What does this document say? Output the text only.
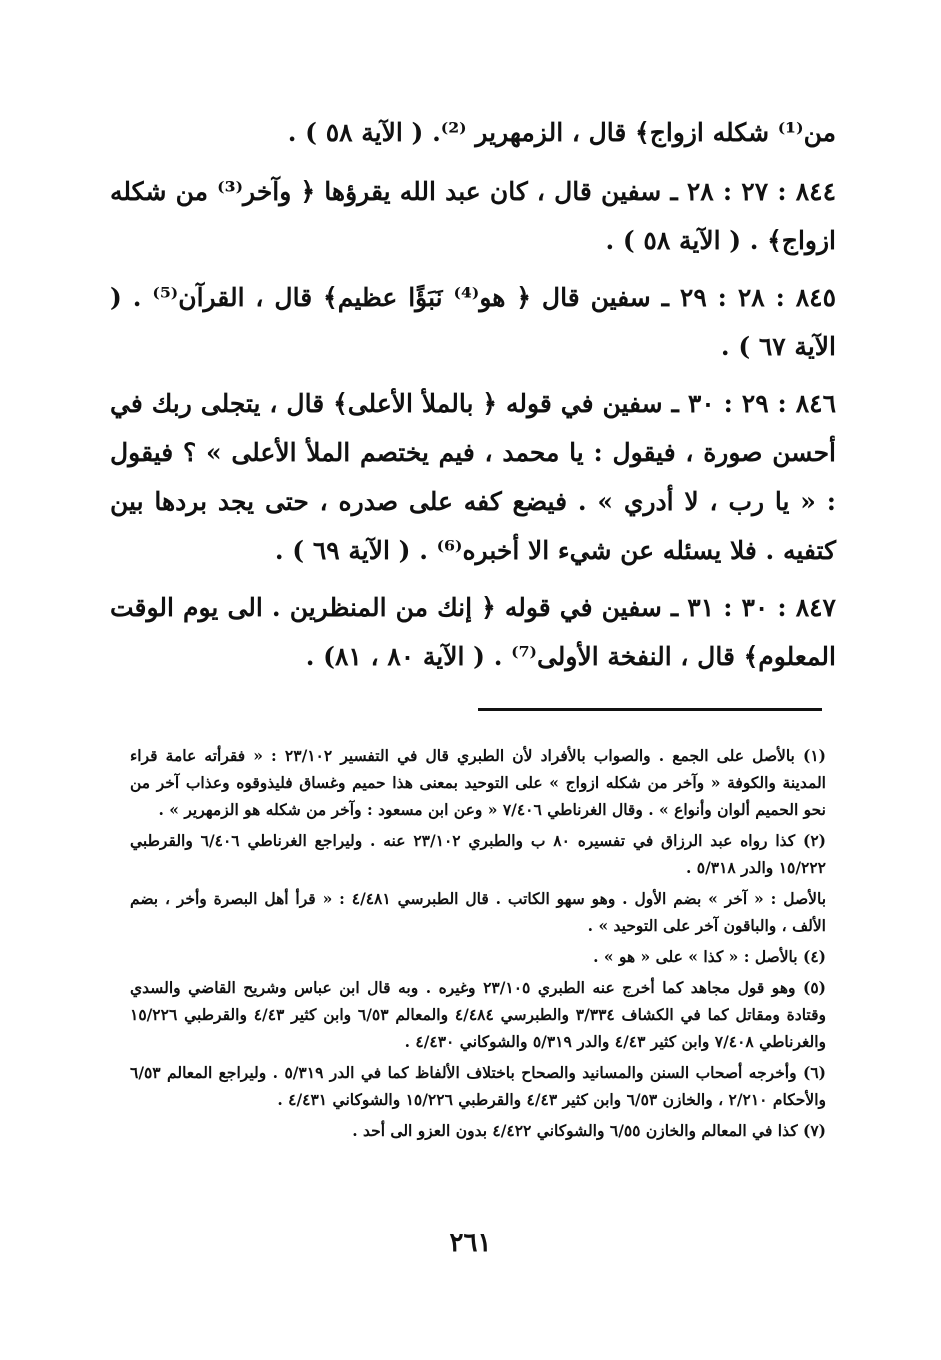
من⁽¹⁾ شكله ازواج﴾ قال ، الزمهرير ⁽²⁾. ( الآية ٥٨ ) .

٨٤٤ : ٢٧ : ٢٨ ـ سفين قال ، كان عبد الله يقرؤها ﴿ وآخر⁽³⁾ من شكله ازواج﴾ . ( الآية ٥٨ ) .

٨٤٥ : ٢٨ : ٢٩ ـ سفين قال ﴿ هو⁽⁴⁾ نَبَؤًا عظيم﴾ قال ، القرآن⁽⁵⁾ . ( الآية ٦٧ ) .

٨٤٦ : ٢٩ : ٣٠ ـ سفين في قوله ﴿ بالملأ الأعلى﴾ قال ، يتجلى ربك في أحسن صورة ، فيقول : يا محمد ، فيم يختصم الملأ الأعلى » ؟ فيقول : « يا رب ، لا أدري » . فيضع كفه على صدره ، حتى يجد بردها بين كتفيه . فلا يسئله عن شيء الا أخبره⁽⁶⁾ . ( الآية ٦٩ ) .

٨٤٧ : ٣٠ : ٣١ ـ سفين في قوله ﴿ إنك من المنظرين . الى يوم الوقت المعلوم﴾ قال ، النفخة الأولى⁽⁷⁾ . ( الآية ٨٠ ، ٨١) .

(١) بالأصل على الجمع . والصواب بالأفراد لأن الطبري قال في التفسير ٢٣/١٠٢ : « فقرأته عامة قراء المدينة والكوفة « وآخر من شكله ازواج » على التوحيد بمعنى هذا حميم وغساق فليذوقوه وعذاب آخر من نحو الحميم ألوان وأنواع » . وقال الغرناطي ٧/٤٠٦ « وعن ابن مسعود : وآخر من شكله هو الزمهرير » .

(٢) كذا رواه عبد الرزاق في تفسيره ٨٠ ب والطبري ٢٣/١٠٢ عنه . وليراجع الغرناطي ٦/٤٠٦ والقرطبي ١٥/٢٢٢ والدر ٥/٣١٨ .

بالأصل : « آخر » بضم الأول . وهو سهو الكاتب . قال الطبرسي ٤/٤٨١ : « قرأ أهل البصرة وأخر ، بضم الألف ، والباقون آخر على التوحيد » .

(٤) بالأصل : « كذا » على « هو » .

(٥) وهو قول مجاهد كما أخرج عنه الطبري ٢٣/١٠٥ وغيره . وبه قال ابن عباس وشريح القاضي والسدي وقتادة ومقاتل كما في الكشاف ٣/٣٣٤ والطبرسي ٤/٤٨٤ والمعالم ٦/٥٣ وابن كثير ٤/٤٣ والقرطبي ١٥/٢٢٦ والغرناطي ٧/٤٠٨ وابن كثير ٤/٤٣ والدر ٥/٣١٩ والشوكاني ٤/٤٣٠ .

(٦) وأخرجه أصحاب السنن والمسانيد والصحاح باختلاف الألفاظ كما في الدر ٥/٣١٩ . وليراجع المعالم ٦/٥٣ والأحكام ٢/٢١٠ ، والخازن ٦/٥٣ وابن كثير ٤/٤٣ والقرطبي ١٥/٢٢٦ والشوكاني ٤/٤٣١ .

(٧) كذا في المعالم والخازن ٦/٥٥ والشوكاني ٤/٤٢٢ بدون العزو الى أحد .

٢٦١
